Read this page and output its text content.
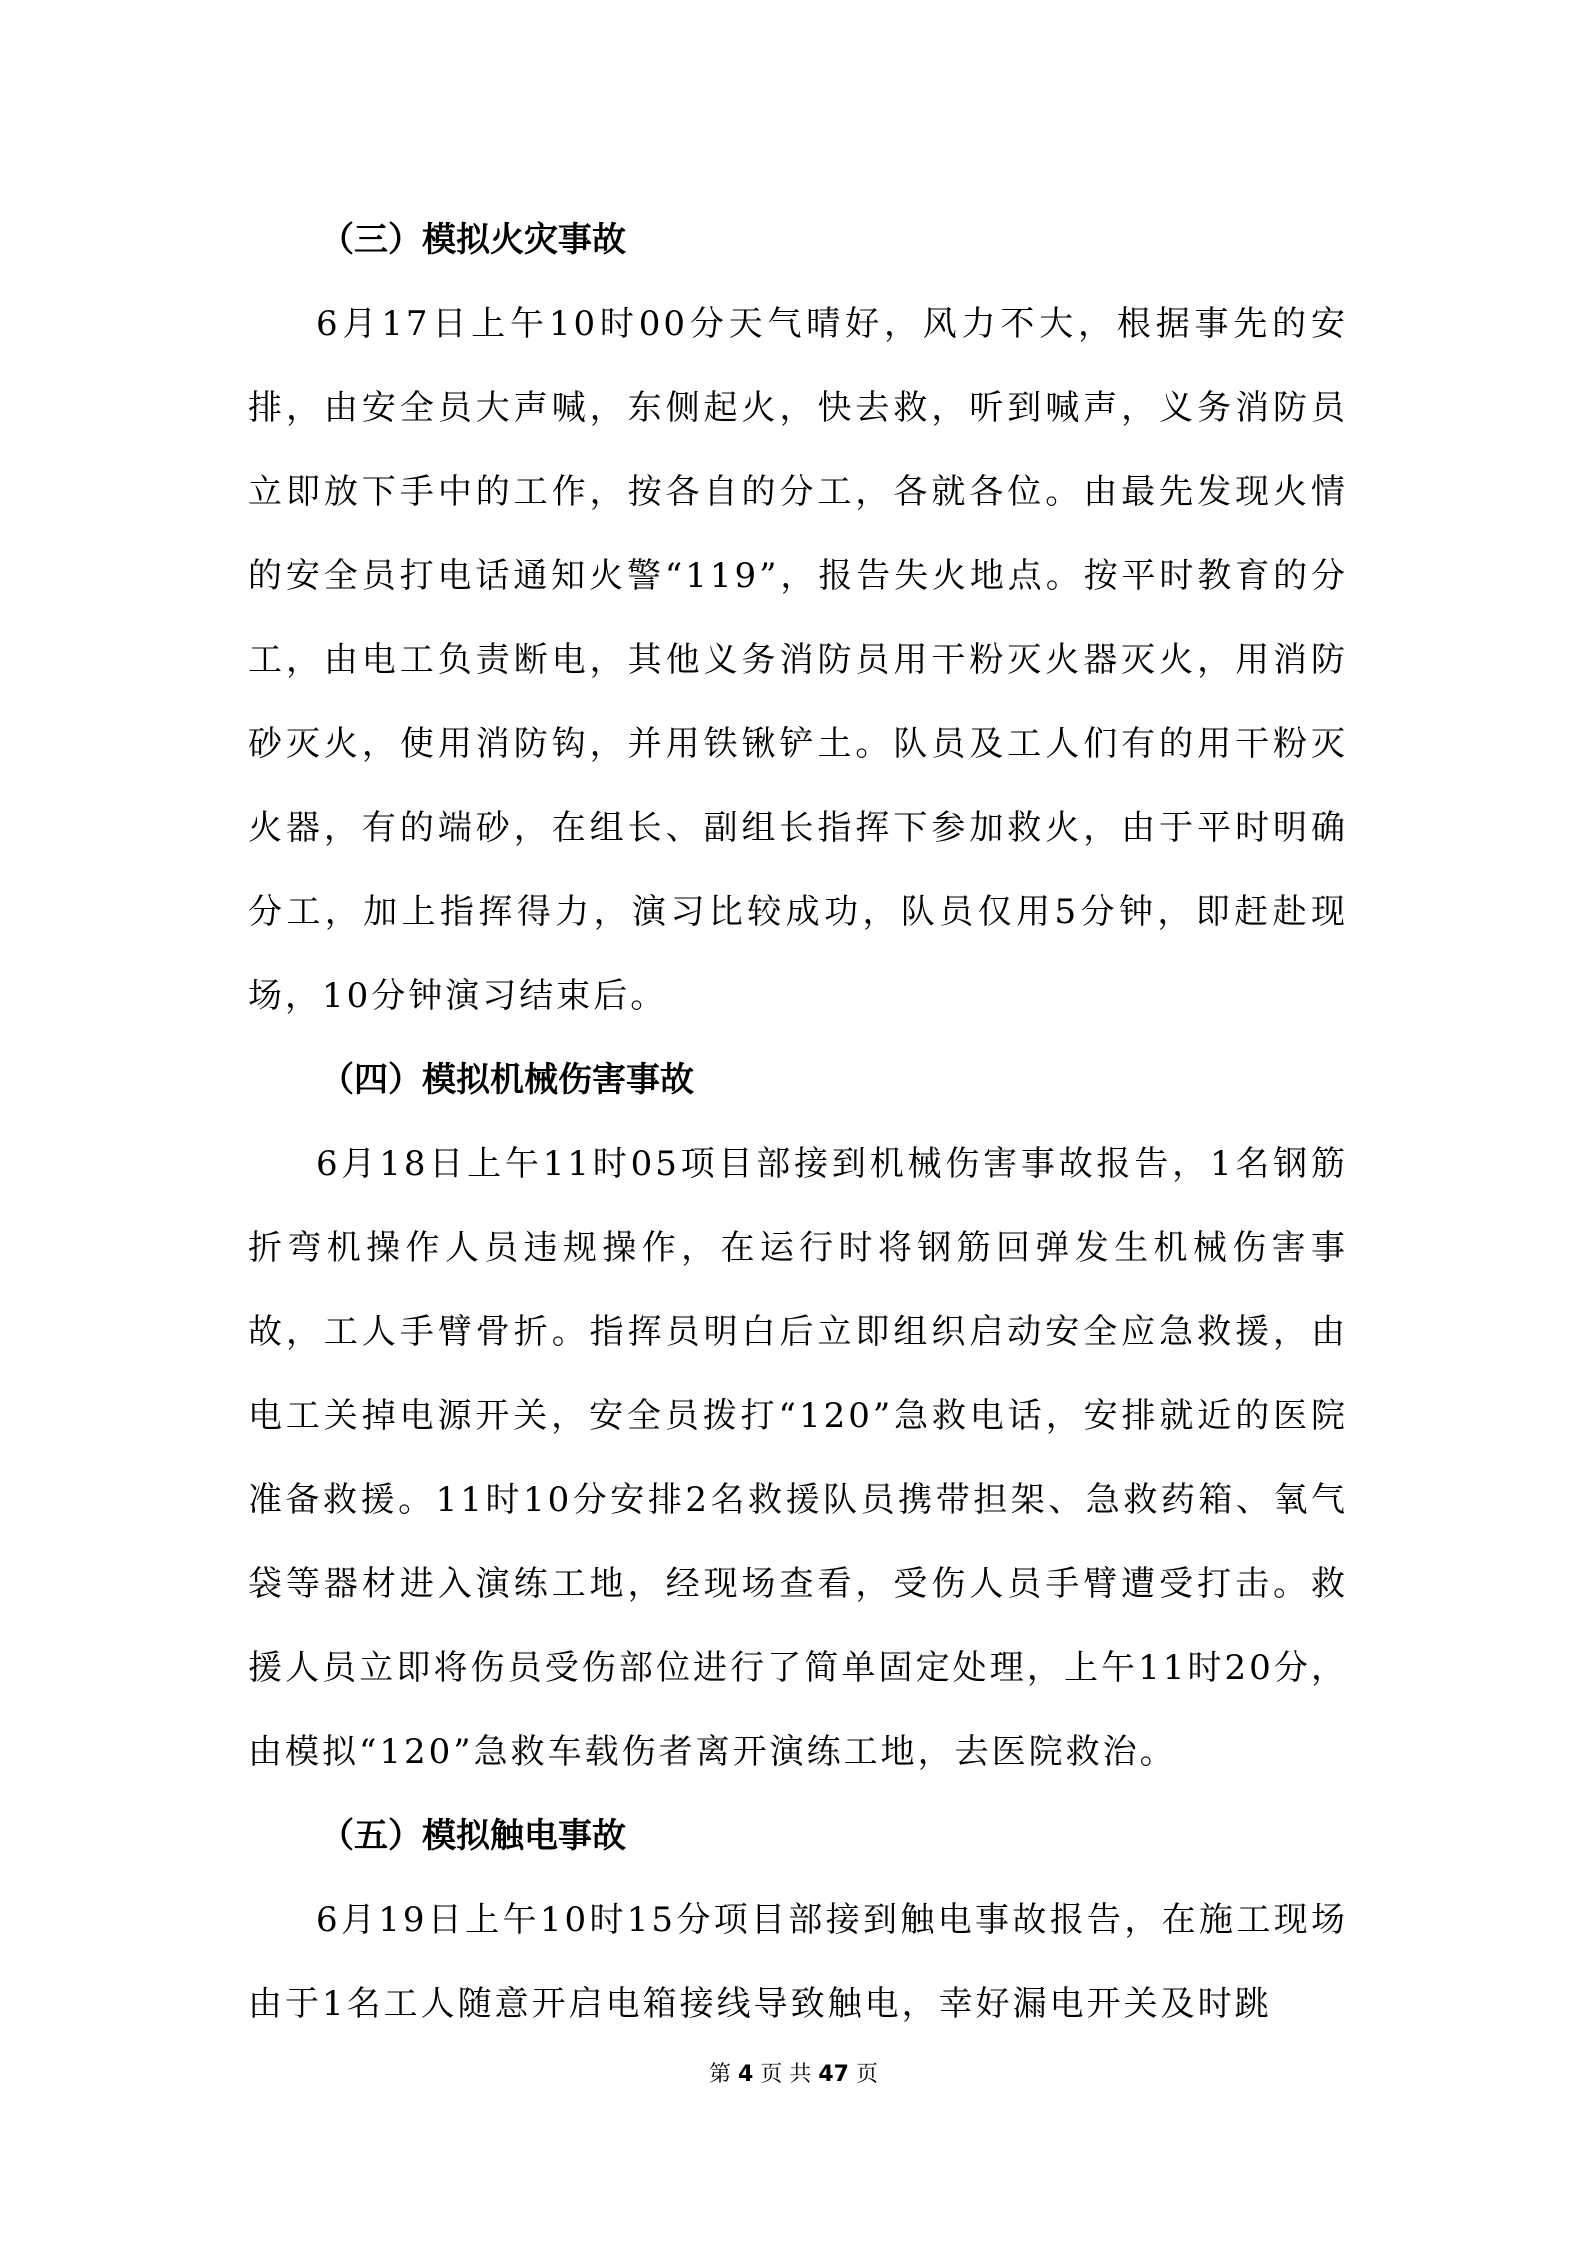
（三）模拟火灾事故

6月17日上午10时00分天气晴好，风力不大，根据事先的安排，由安全员大声喊，东侧起火，快去救，听到喊声，义务消防员立即放下手中的工作，按各自的分工，各就各位。由最先发现火情的安全员打电话通知火警“119”，报告失火地点。按平时教育的分工，由电工负责断电，其他义务消防员用干粉灭火器灭火，用消防砂灭火，使用消防钩，并用铁锹铲土。队员及工人们有的用干粉灭火器，有的端砂，在组长、副组长指挥下参加救火，由于平时明确分工，加上指挥得力，演习比较成功，队员仅用5分钟，即赶赴现场，10分钟演习结束后。

（四）模拟机械伤害事故

6月18日上午11时05项目部接到机械伤害事故报告，1名钢筋折弯机操作人员违规操作，在运行时将钢筋回弹发生机械伤害事故，工人手臂骨折。指挥员明白后立即组织启动安全应急救援，由电工关掉电源开关，安全员拨打“120”急救电话，安排就近的医院准备救援。11时10分安排2名救援队员携带担架、急救药箱、氧气袋等器材进入演练工地，经现场查看，受伤人员手臂遭受打击。救援人员立即将伤员受伤部位进行了简单固定处理，上午11时20分，由模拟“120”急救车载伤者离开演练工地，去医院救治。

（五）模拟触电事故

6月19日上午10时15分项目部接到触电事故报告，在施工现场由于1名工人随意开启电箱接线导致触电，幸好漏电开关及时跳

第 4 页 共 47 页
